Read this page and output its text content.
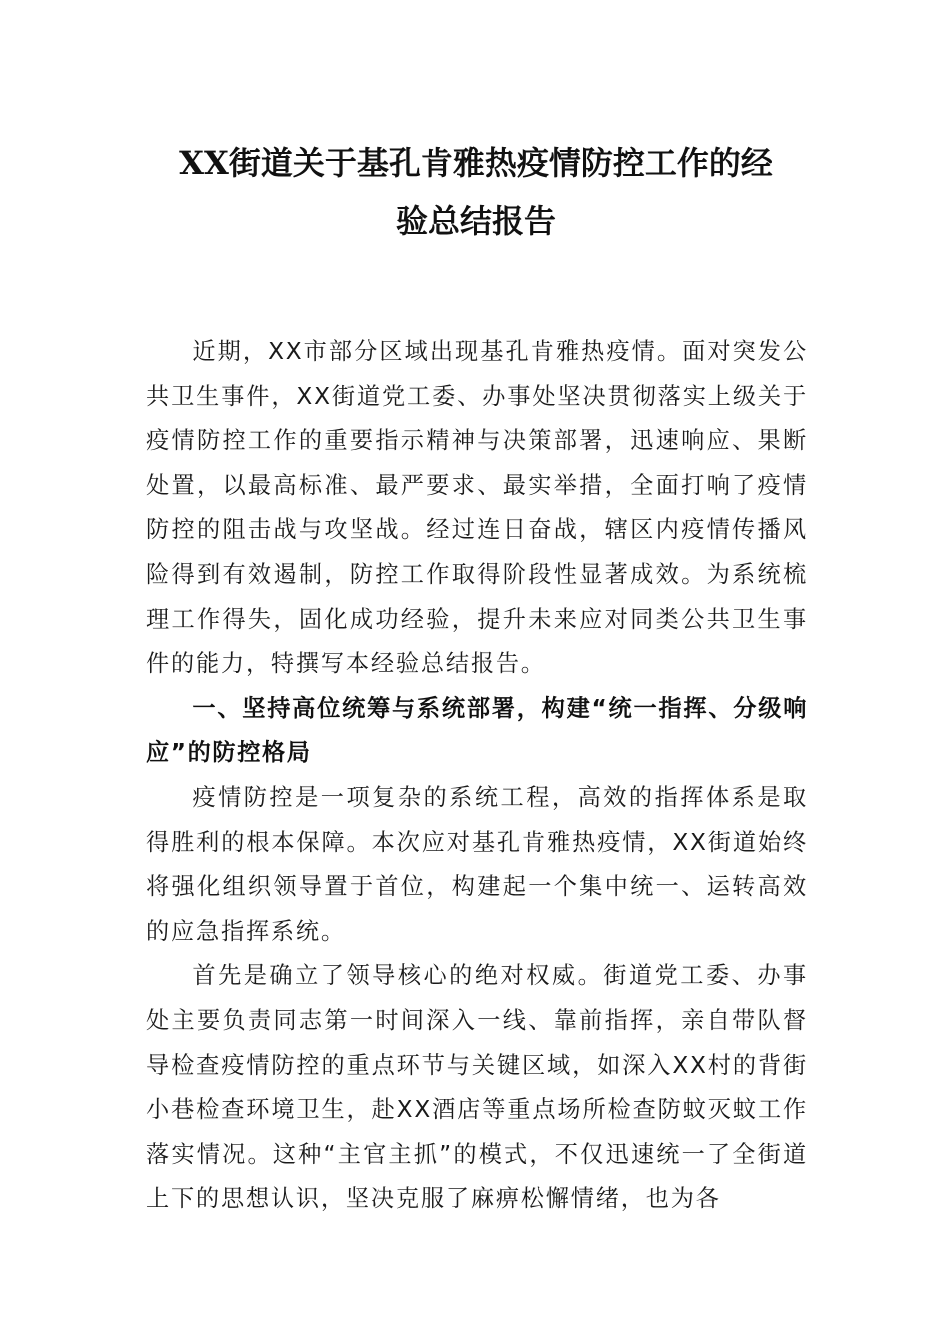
XX街道关于基孔肯雅热疫情防控工作的经
验总结报告

近期，XX市部分区域出现基孔肯雅热疫情。面对突发公共卫生事件，XX街道党工委、办事处坚决贯彻落实上级关于疫情防控工作的重要指示精神与决策部署，迅速响应、果断处置，以最高标准、最严要求、最实举措，全面打响了疫情防控的阻击战与攻坚战。经过连日奋战，辖区内疫情传播风险得到有效遏制，防控工作取得阶段性显著成效。为系统梳理工作得失，固化成功经验，提升未来应对同类公共卫生事件的能力，特撰写本经验总结报告。

一、坚持高位统筹与系统部署，构建“统一指挥、分级响应”的防控格局

疫情防控是一项复杂的系统工程，高效的指挥体系是取得胜利的根本保障。本次应对基孔肯雅热疫情，XX街道始终将强化组织领导置于首位，构建起一个集中统一、运转高效的应急指挥系统。

首先是确立了领导核心的绝对权威。街道党工委、办事处主要负责同志第一时间深入一线、靠前指挥，亲自带队督导检查疫情防控的重点环节与关键区域，如深入XX村的背街小巷检查环境卫生，赴XX酒店等重点场所检查防蚊灭蚊工作落实情况。这种“主官主抓”的模式，不仅迅速统一了全街道上下的思想认识，坚决克服了麻痹松懈情绪，也为各
